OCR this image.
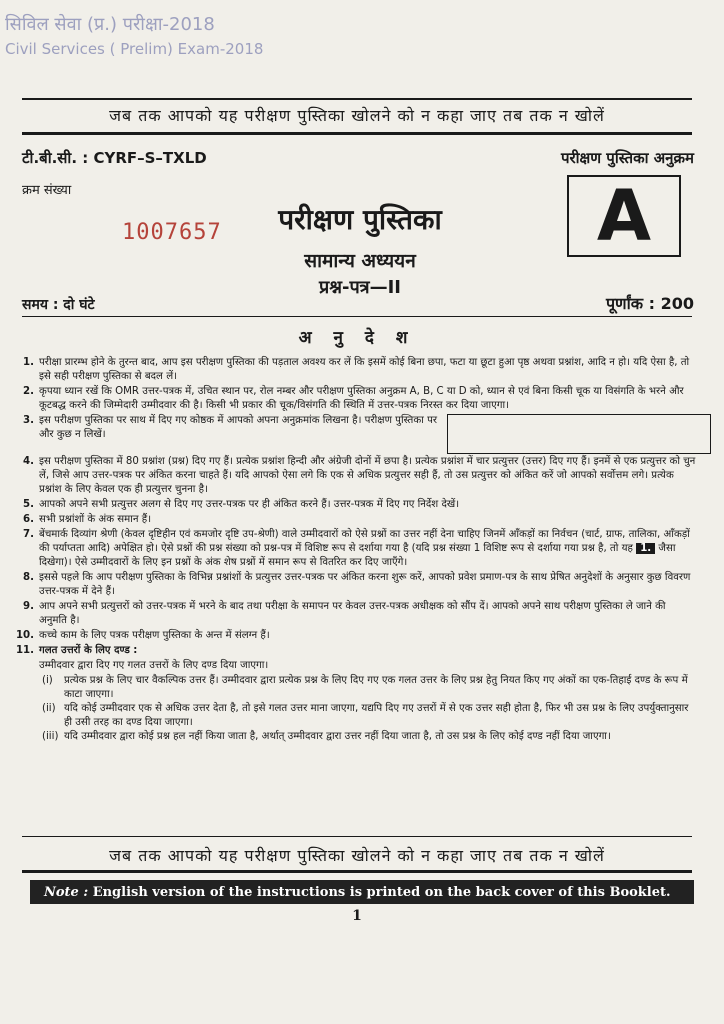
सिविल सेवा (प्र.) परीक्षा-2018
Civil Services ( Prelim) Exam-2018
जब तक आपको यह परीक्षण पुस्तिका खोलने को न कहा जाए तब तक न खोलें
टी.बी.सी. : CYRF–S–TXLD	परीक्षण पुस्तिका अनुक्रम
क्रम संख्या
1007657	परीक्षण पुस्तिका
सामान्य अध्ययन
प्रश्न-पत्र—II
A
समय : दो घंटे	पूर्णांक : 200
अ नु दे श
1. परीक्षा प्रारम्भ होने के तुरन्त बाद, आप इस परीक्षण पुस्तिका की पड़ताल अवश्य कर लें कि इसमें कोई बिना छपा, फटा या छूटा हुआ पृष्ठ अथवा प्रश्नांश, आदि न हो। यदि ऐसा है, तो इसे सही परीक्षण पुस्तिका से बदल लें।
2. कृपया ध्यान रखें कि OMR उत्तर-पत्रक में, उचित स्थान पर, रोल नम्बर और परीक्षण पुस्तिका अनुक्रम A, B, C या D को, ध्यान से एवं बिना किसी चूक या विसंगति के भरने और कूटबद्ध करने की जिम्मेदारी उम्मीदवार की है। किसी भी प्रकार की चूक/विसंगति की स्थिति में उत्तर-पत्रक निरस्त कर दिया जाएगा।
3. इस परीक्षण पुस्तिका पर साथ में दिए गए कोष्ठक में आपको अपना अनुक्रमांक लिखना है। परीक्षण पुस्तिका पर और कुछ न लिखें।
4. इस परीक्षण पुस्तिका में 80 प्रश्नांश (प्रश्न) दिए गए हैं। प्रत्येक प्रश्नांश हिन्दी और अंग्रेजी दोनों में छपा है। प्रत्येक प्रश्नांश में चार प्रत्युत्तर (उत्तर) दिए गए हैं। इनमें से एक प्रत्युत्तर को चुन लें, जिसे आप उत्तर-पत्रक पर अंकित करना चाहते हैं। यदि आपको ऐसा लगे कि एक से अधिक प्रत्युत्तर सही हैं, तो उस प्रत्युत्तर को अंकित करें जो आपको सर्वोत्तम लगे। प्रत्येक प्रश्नांश के लिए केवल एक ही प्रत्युत्तर चुनना है।
5. आपको अपने सभी प्रत्युत्तर अलग से दिए गए उत्तर-पत्रक पर ही अंकित करने हैं। उत्तर-पत्रक में दिए गए निर्देश देखें।
6. सभी प्रश्नांशों के अंक समान हैं।
7. बेंचमार्क दिव्यांग श्रेणी (केवल दृष्टिहीन एवं कमजोर दृष्टि उप-श्रेणी) वाले उम्मीदवारों को ऐसे प्रश्नों का उत्तर नहीं देना चाहिए जिनमें आँकड़ों का निर्वचन (चार्ट, ग्राफ, तालिका, आँकड़ों की पर्याप्तता आदि) अपेक्षित हो। ऐसे प्रश्नों की प्रश्न संख्या को प्रश्न-पत्र में विशिष्ट रूप से दर्शाया गया है (यदि प्रश्न संख्या 1 विशिष्ट रूप से दर्शाया गया प्रश्न है, तो यह 1. जैसा दिखेगा)। ऐसे उम्मीदवारों के लिए इन प्रश्नों के अंक शेष प्रश्नों में समान रूप से वितरित कर दिए जाएँगे।
8. इससे पहले कि आप परीक्षण पुस्तिका के विभिन्न प्रश्नांशों के प्रत्युत्तर उत्तर-पत्रक पर अंकित करना शुरू करें, आपको प्रवेश प्रमाण-पत्र के साथ प्रेषित अनुदेशों के अनुसार कुछ विवरण उत्तर-पत्रक में देने हैं।
9. आप अपने सभी प्रत्युत्तरों को उत्तर-पत्रक में भरने के बाद तथा परीक्षा के समापन पर केवल उत्तर-पत्रक अधीक्षक को सौंप दें। आपको अपने साथ परीक्षण पुस्तिका ले जाने की अनुमति है।
10. कच्चे काम के लिए पत्रक परीक्षण पुस्तिका के अन्त में संलग्न हैं।
11. गलत उत्तरों के लिए दण्ड :
उम्मीदवार द्वारा दिए गए गलत उत्तरों के लिए दण्ड दिया जाएगा।
(i)	प्रत्येक प्रश्न के लिए चार वैकल्पिक उत्तर हैं। उम्मीदवार द्वारा प्रत्येक प्रश्न के लिए दिए गए एक गलत उत्तर के लिए प्रश्न हेतु नियत किए गए अंकों का एक-तिहाई दण्ड के रूप में काटा जाएगा।
(ii) यदि कोई उम्मीदवार एक से अधिक उत्तर देता है, तो इसे गलत उत्तर माना जाएगा, यद्यपि दिए गए उत्तरों में से एक उत्तर सही होता है, फिर भी उस प्रश्न के लिए उपर्युक्तानुसार ही उसी तरह का दण्ड दिया जाएगा।
(iii) यदि उम्मीदवार द्वारा कोई प्रश्न हल नहीं किया जाता है, अर्थात् उम्मीदवार द्वारा उत्तर नहीं दिया जाता है, तो उस प्रश्न के लिए कोई दण्ड नहीं दिया जाएगा।
जब तक आपको यह परीक्षण पुस्तिका खोलने को न कहा जाए तब तक न खोलें
Note :
English version of the instructions is printed on the back cover of this Booklet.
1
